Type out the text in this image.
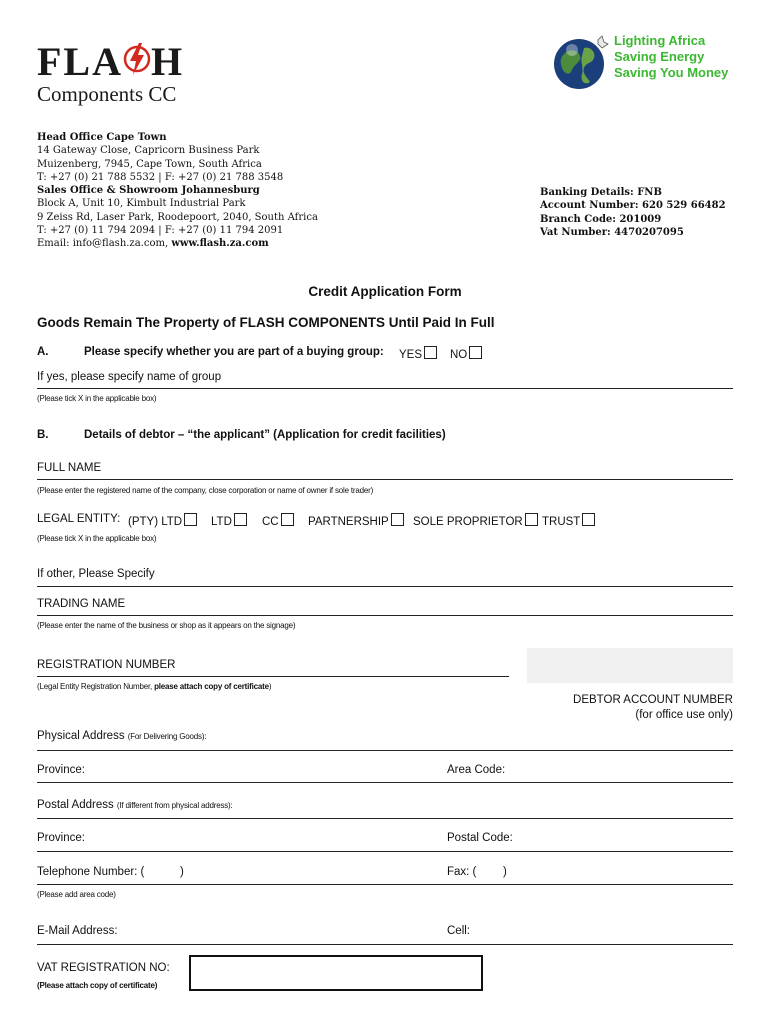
FLA H
Components CC
Lighting Africa
Saving Energy
Saving You Money
Head Office Cape Town
14 Gateway Close, Capricorn Business Park
Muizenberg, 7945, Cape Town, South Africa
T: +27 (0) 21 788 5532 | F: +27 (0) 21 788 3548
Sales Office & Showroom Johannesburg
Block A, Unit 10, Kimbult Industrial Park
9 Zeiss Rd, Laser Park, Roodepoort, 2040, South Africa
T: +27 (0) 11 794 2094 | F: +27 (0) 11 794 2091
Email: info@flash.za.com, www.flash.za.com
Banking Details: FNB
Account Number: 620 529 66482
Branch Code: 201009
Vat Number: 4470207095
Credit Application Form
Goods Remain The Property of FLASH COMPONENTS Until Paid In Full
A.	Please specify whether you are part of a buying group: YES	NO
If yes, please specify name of group
(Please tick X in the applicable box)
B.	Details of debtor – “the applicant” (Application for credit facilities)
FULL NAME
(Please enter the registered name of the company, close corporation or name of owner if sole trader)
LEGAL ENTITY: (PTY) LTD	LTD	CC	PARTNERSHIP	SOLE PROPRIETOR	TRUST
(Please tick X in the applicable box)
If other, Please Specify
TRADING NAME
(Please enter the name of the business or shop as it appears on the signage)
REGISTRATION NUMBER
(Legal Entity Registration Number, please attach copy of certificate)
DEBTOR ACCOUNT NUMBER
(for office use only)
Physical Address (For Delivering Goods):
Province:	Area Code:
Postal Address (If different from physical address):
Province:	Postal Code:
Telephone Number: (	)	Fax: ( )
(Please add area code)
E-Mail Address:	Cell:
VAT REGISTRATION NO:
(Please attach copy of certificate)
